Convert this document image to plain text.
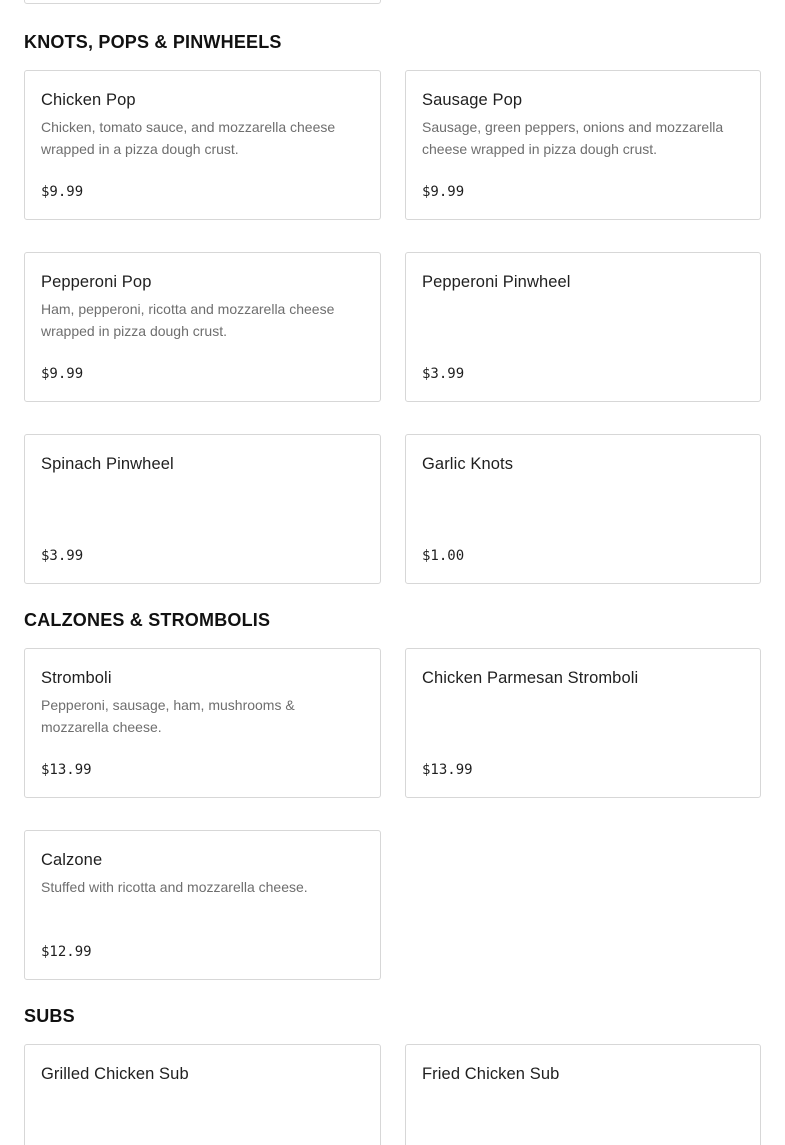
KNOTS, POPS & PINWHEELS
Chicken Pop
Chicken, tomato sauce, and mozzarella cheese wrapped in a pizza dough crust.
$9.99
Sausage Pop
Sausage, green peppers, onions and mozzarella cheese wrapped in pizza dough crust.
$9.99
Pepperoni Pop
Ham, pepperoni, ricotta and mozzarella cheese wrapped in pizza dough crust.
$9.99
Pepperoni Pinwheel
$3.99
Spinach Pinwheel
$3.99
Garlic Knots
$1.00
CALZONES & STROMBOLIS
Stromboli
Pepperoni, sausage, ham, mushrooms & mozzarella cheese.
$13.99
Chicken Parmesan Stromboli
$13.99
Calzone
Stuffed with ricotta and mozzarella cheese.
$12.99
SUBS
Grilled Chicken Sub	Fried Chicken Sub
